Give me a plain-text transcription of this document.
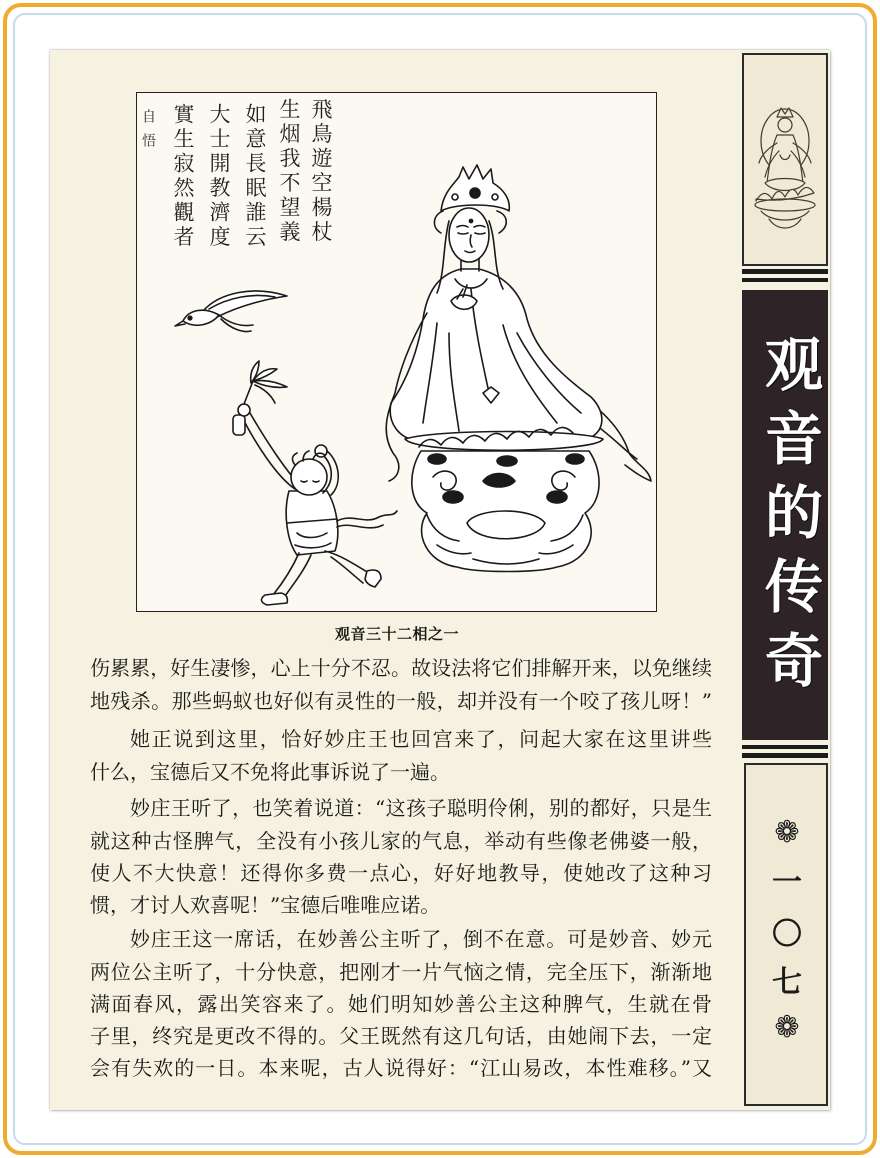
飛鳥遊空楊杖
生烟我不望義
如意長眠誰云
大士開教濟度
實生寂然觀者
自悟
观音三十二相之一
伤累累，好生凄惨，心上十分不忍。故设法将它们排解开来，以免继续
地残杀。那些蚂蚁也好似有灵性的一般，却并没有一个咬了孩儿呀！”
她正说到这里，恰好妙庄王也回宫来了，问起大家在这里讲些
什么，宝德后又不免将此事诉说了一遍。
妙庄王听了，也笑着说道：“这孩子聪明伶俐，别的都好，只是生
就这种古怪脾气，全没有小孩儿家的气息，举动有些像老佛婆一般，
使人不大快意！还得你多费一点心，好好地教导，使她改了这种习
惯，才讨人欢喜呢！”宝德后唯唯应诺。
妙庄王这一席话，在妙善公主听了，倒不在意。可是妙音、妙元
两位公主听了，十分快意，把刚才一片气恼之情，完全压下，渐渐地
满面春风，露出笑容来了。她们明知妙善公主这种脾气，生就在骨
子里，终究是更改不得的。父王既然有这几句话，由她闹下去，一定
会有失欢的一日。本来呢，古人说得好：“江山易改，本性难移。”又
观音的传奇
❁
一
〇
七
❁
